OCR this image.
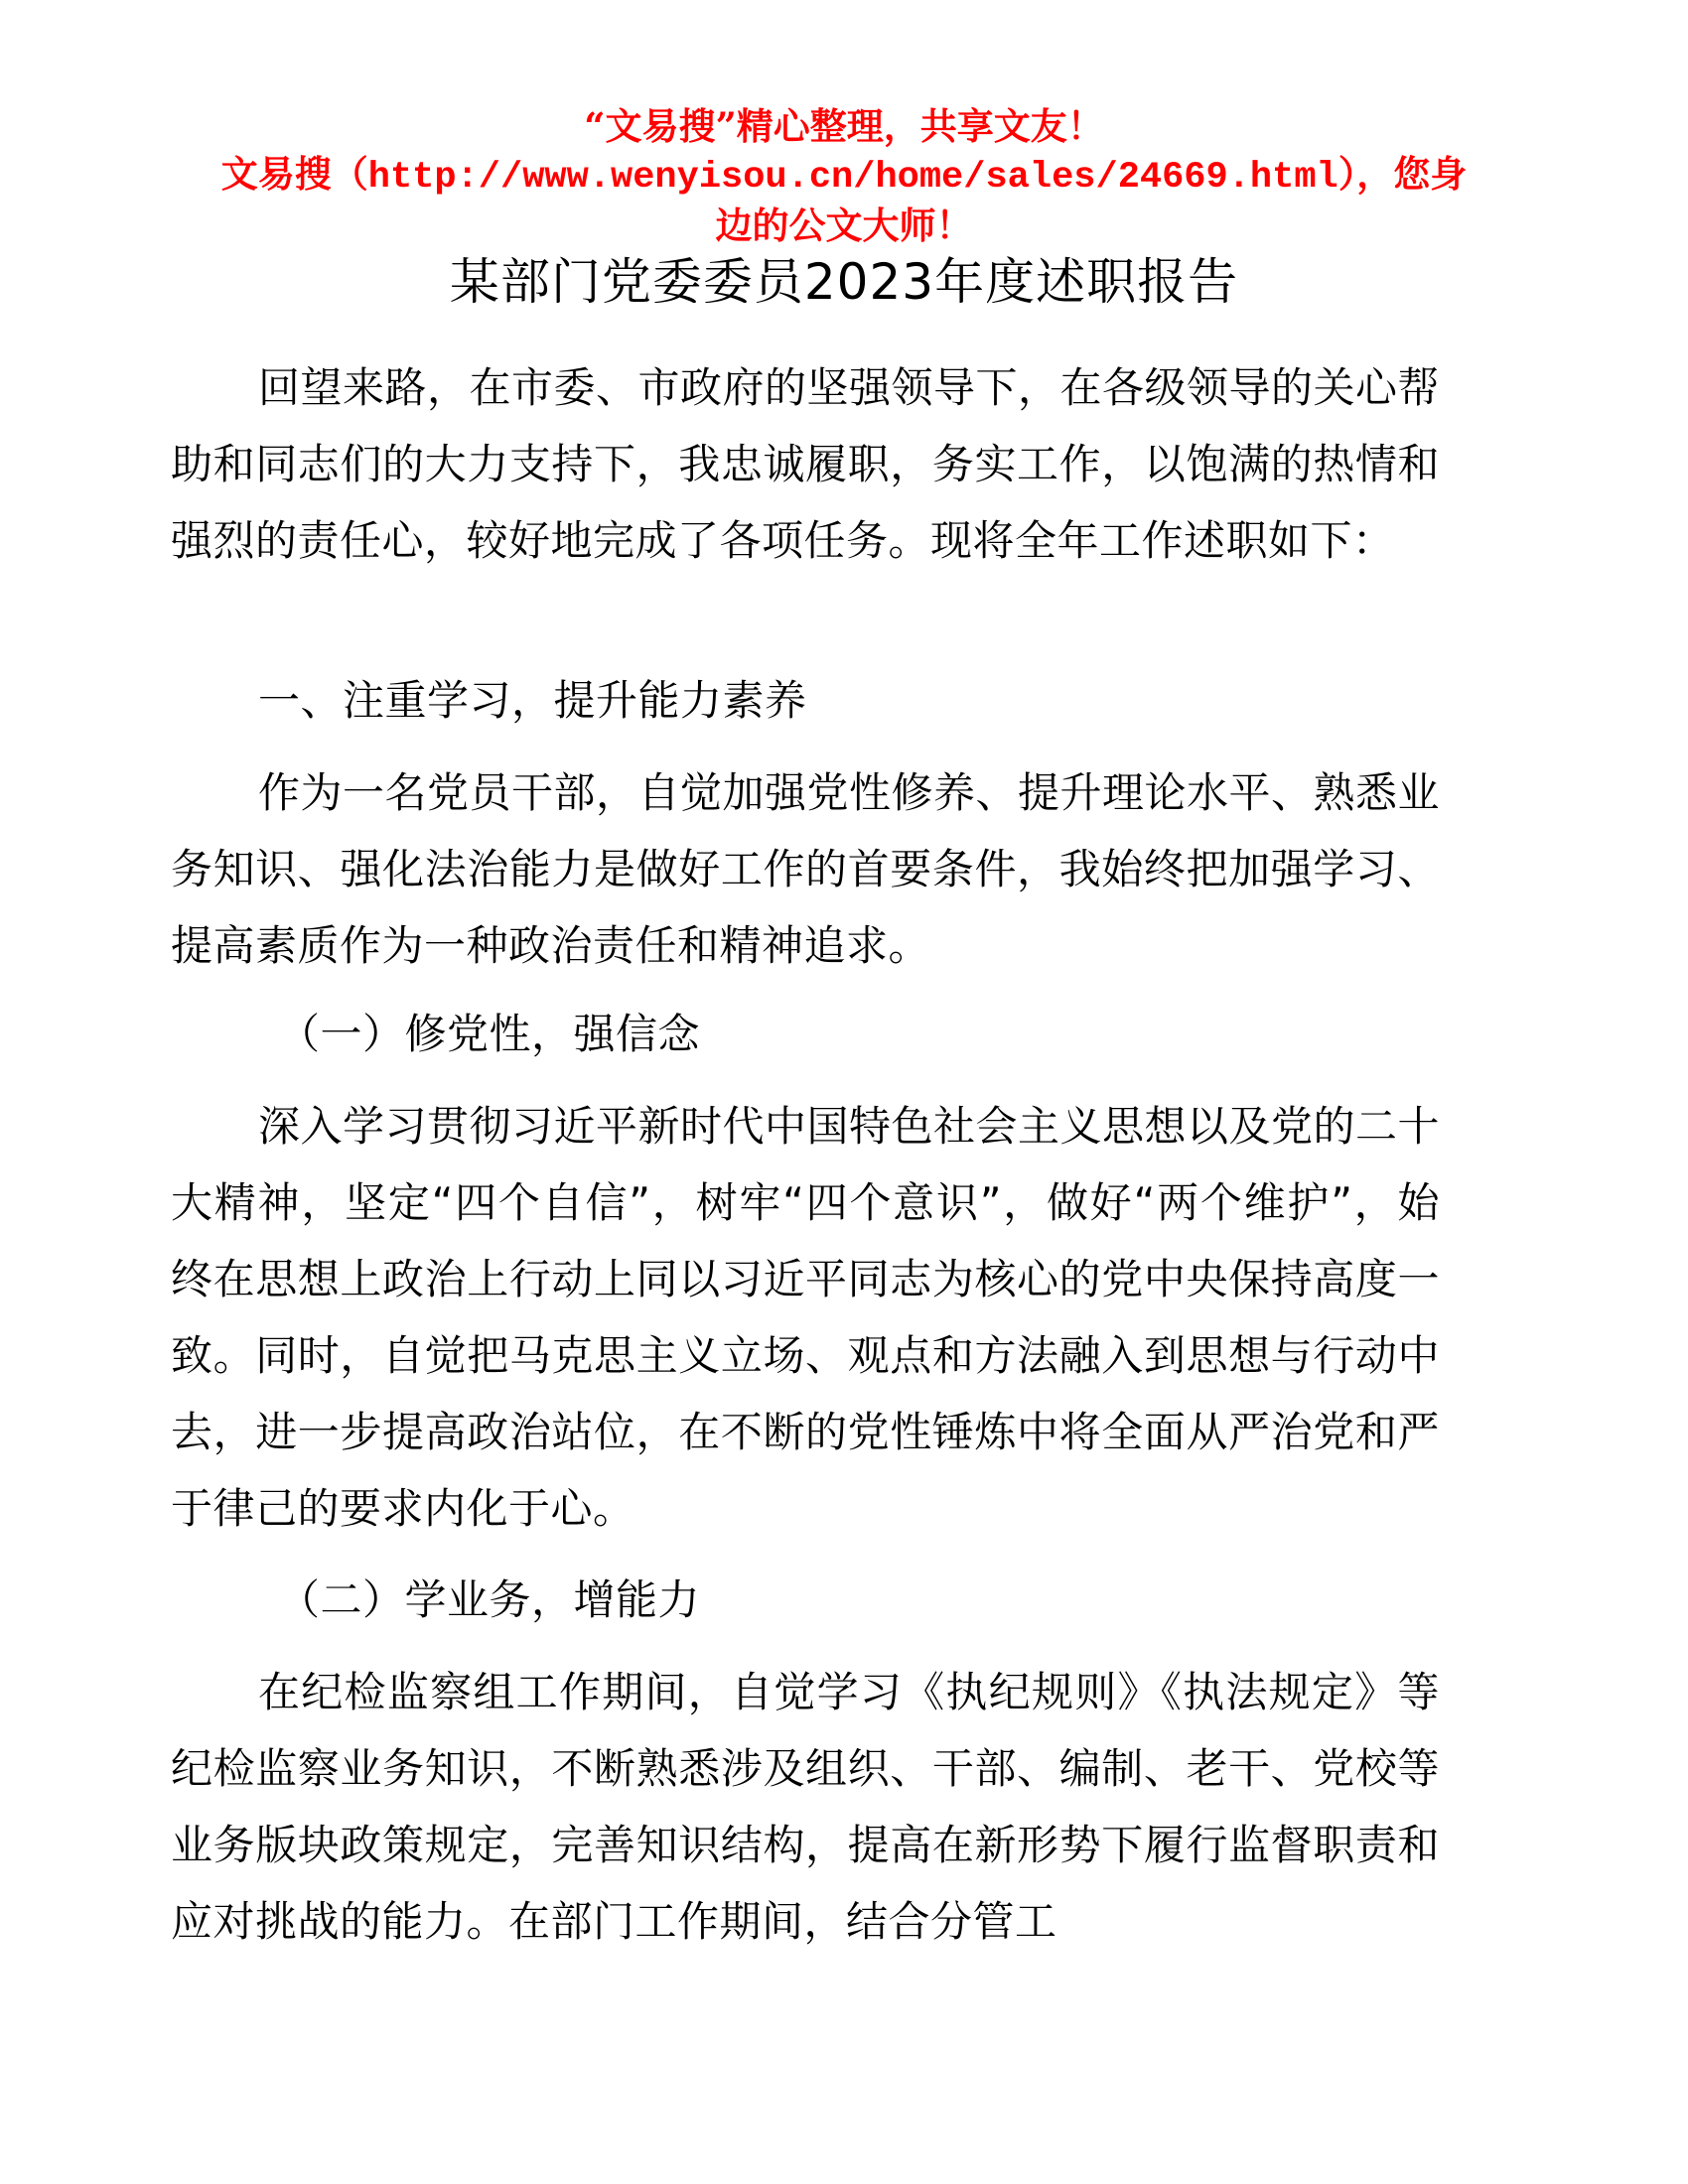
“文易搜”精心整理，共享文友！
文易搜（http://www.wenyisou.cn/home/sales/24669.html），您身
边的公文大师！
某部门党委委员2023年度述职报告

回望来路，在市委、市政府的坚强领导下，在各级领导的关心帮助和同志们的大力支持下，我忠诚履职，务实工作，以饱满的热情和强烈的责任心，较好地完成了各项任务。现将全年工作述职如下：

一、注重学习，提升能力素养

作为一名党员干部，自觉加强党性修养、提升理论水平、熟悉业务知识、强化法治能力是做好工作的首要条件，我始终把加强学习、提高素质作为一种政治责任和精神追求。

（一）修党性，强信念

深入学习贯彻习近平新时代中国特色社会主义思想以及党的二十大精神，坚定“四个自信”，树牢“四个意识”，做好“两个维护”，始终在思想上政治上行动上同以习近平同志为核心的党中央保持高度一致。同时，自觉把马克思主义立场、观点和方法融入到思想与行动中去，进一步提高政治站位，在不断的党性锤炼中将全面从严治党和严于律己的要求内化于心。

（二）学业务，增能力

在纪检监察组工作期间，自觉学习《执纪规则》《执法规定》等纪检监察业务知识，不断熟悉涉及组织、干部、编制、老干、党校等业务版块政策规定，完善知识结构，提高在新形势下履行监督职责和应对挑战的能力。在部门工作期间，结合分管工
